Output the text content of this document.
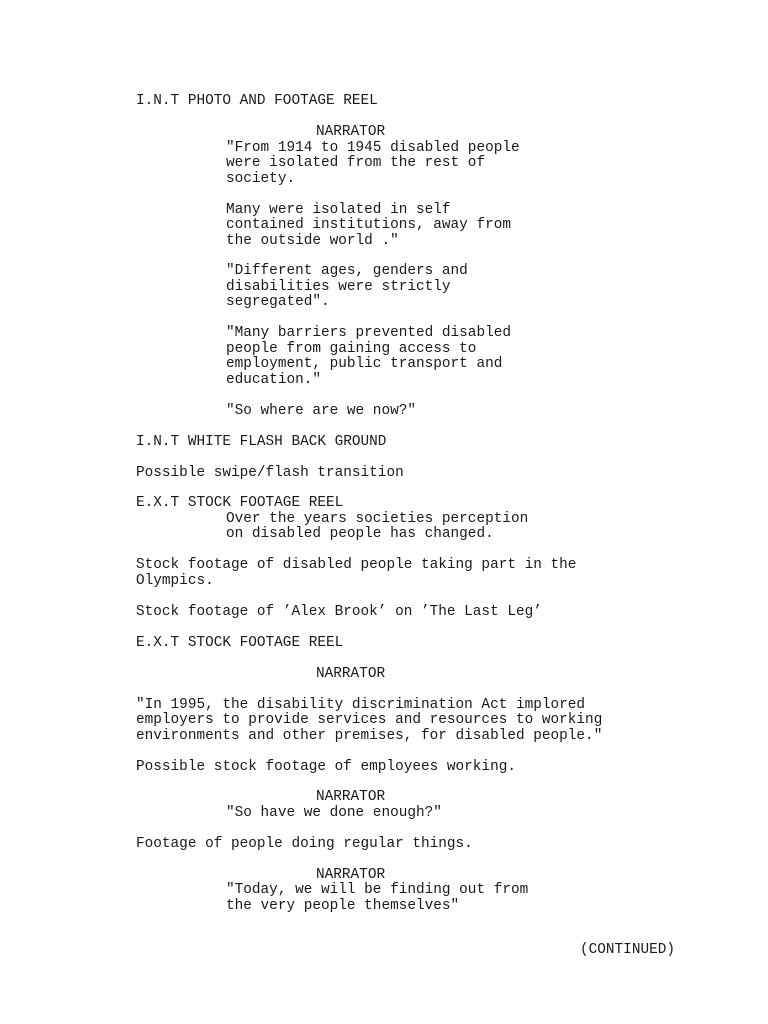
I.N.T PHOTO AND FOOTAGE REEL
NARRATOR
"From 1914 to 1945 disabled people
were isolated from the rest of
society.
Many were isolated in self
contained institutions, away from
the outside world ."
"Different ages, genders and
disabilities were strictly
segregated".
"Many barriers prevented disabled
people from gaining access to
employment, public transport and
education."
"So where are we now?"
I.N.T WHITE FLASH BACK GROUND
Possible swipe/flash transition
E.X.T STOCK FOOTAGE REEL
Over the years societies perception
on disabled people has changed.
Stock footage of disabled people taking part in the
Olympics.
Stock footage of ’Alex Brook’ on ’The Last Leg’
E.X.T STOCK FOOTAGE REEL
NARRATOR
"In 1995, the disability discrimination Act implored
employers to provide services and resources to working
environments and other premises, for disabled people."
Possible stock footage of employees working.
NARRATOR
"So have we done enough?"
Footage of people doing regular things.
NARRATOR
"Today, we will be finding out from
the very people themselves"
(CONTINUED)
